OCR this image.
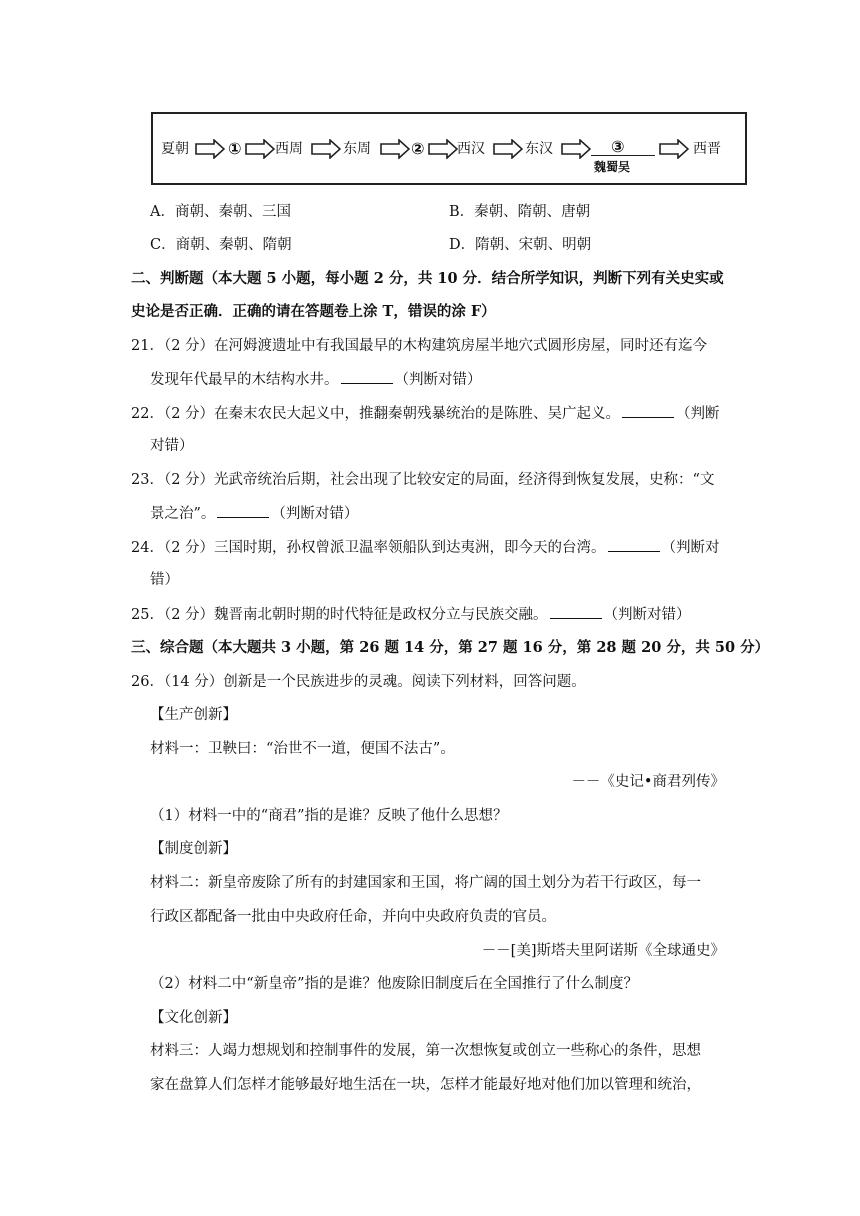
夏朝 ① 西周	东周	② 西汉	东汉	③
魏蜀吴
西晋
A．商朝、秦朝、三国	B．秦朝、隋朝、唐朝
C．商朝、秦朝、隋朝	D．隋朝、宋朝、明朝
二、判断题（本大题 5 小题，每小题 2 分，共 10 分．结合所学知识，判断下列有关史实或
史论是否正确．正确的请在答题卷上涂 T，错误的涂 F）
21．（2 分）在河姆渡遗址中有我国最早的木构建筑房屋半地穴式圆形房屋，同时还有迄今
发现年代最早的木结构水井。	（判断对错）
22．（2 分）在秦末农民大起义中，推翻秦朝残暴统治的是陈胜、吴广起义。	（判断
对错）
23．（2 分）光武帝统治后期，社会出现了比较安定的局面，经济得到恢复发展，史称：“文
景之治”。	（判断对错）
24．（2 分）三国时期，孙权曾派卫温率领船队到达夷洲，即今天的台湾。	（判断对
错）
25．（2 分）魏晋南北朝时期的时代特征是政权分立与民族交融。	（判断对错）
三、综合题（本大题共 3 小题，第 26 题 14 分，第 27 题 16 分，第 28 题 20 分，共 50 分）
26．（14 分）创新是一个民族进步的灵魂。阅读下列材料，回答问题。
【生产创新】
材料一：卫鞅曰：“治世不一道，便国不法古”。
－－《史记•商君列传》
（1）材料一中的“商君”指的是谁？反映了他什么思想？
【制度创新】
材料二：新皇帝废除了所有的封建国家和王国，将广阔的国土划分为若干行政区，每一
行政区都配备一批由中央政府任命，并向中央政府负责的官员。
－－[美]斯塔夫里阿诺斯《全球通史》
（2）材料二中“新皇帝”指的是谁？他废除旧制度后在全国推行了什么制度？
【文化创新】
材料三：人竭力想规划和控制事件的发展，第一次想恢复或创立一些称心的条件，思想
家在盘算人们怎样才能够最好地生活在一块，怎样才能最好地对他们加以管理和统治，
